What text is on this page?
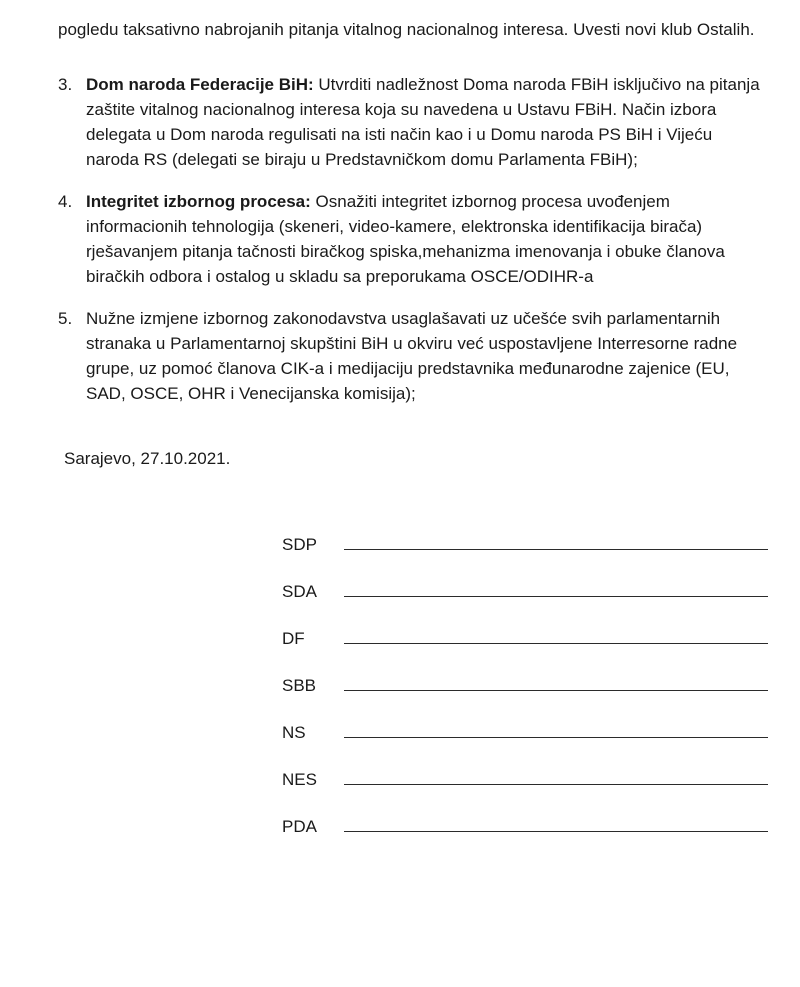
pogledu taksativno nabrojanih pitanja vitalnog nacionalnog interesa. Uvesti novi klub Ostalih.
3. Dom naroda Federacije BiH: Utvrditi nadležnost Doma naroda FBiH isključivo na pitanja zaštite vitalnog nacionalnog interesa koja su navedena u Ustavu FBiH. Način izbora delegata u Dom naroda regulisati na isti način kao i u Domu naroda PS BiH i Vijeću naroda RS (delegati se biraju u Predstavničkom domu Parlamenta FBiH);
4. Integritet izbornog procesa: Osnažiti integritet izbornog procesa uvođenjem informacionih tehnologija (skeneri, video-kamere, elektronska identifikacija birača) rješavanjem pitanja tačnosti biračkog spiska,mehanizma imenovanja i obuke članova biračkih odbora i ostalog u skladu sa preporukama OSCE/ODIHR-a
5. Nužne izmjene izbornog zakonodavstva usaglašavati uz učešće svih parlamentarnih stranaka u Parlamentarnoj skupštini BiH u okviru već uspostavljene Interresorne radne grupe, uz pomoć članova CIK-a i medijaciju predstavnika međunarodne zajenice (EU, SAD, OSCE, OHR i Venecijanska komisija);
Sarajevo, 27.10.2021.
SDP
SDA
DF
SBB
NS
NES
PDA
